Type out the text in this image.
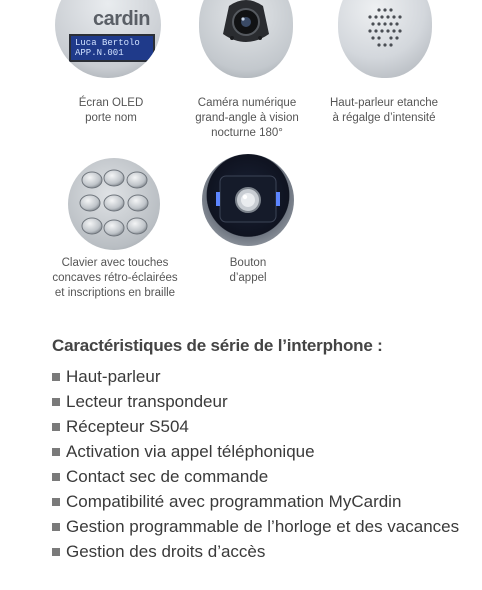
cardin
Luca Bertolo
APP.N.001
Écran OLED
porte nom
Caméra numérique
grand-angle à vision
nocturne 180°
Haut-parleur etanche
à régalge d’intensité
Clavier avec touches
concaves rétro-éclairées
et inscriptions en braille
Bouton
d’appel
Caractéristiques de série de l’interphone :
Haut-parleur
Lecteur transpondeur
Récepteur S504
Activation via appel téléphonique
Contact sec de commande
Compatibilité avec programmation MyCardin
Gestion programmable de l’horloge et des vacances
Gestion des droits d’accès
